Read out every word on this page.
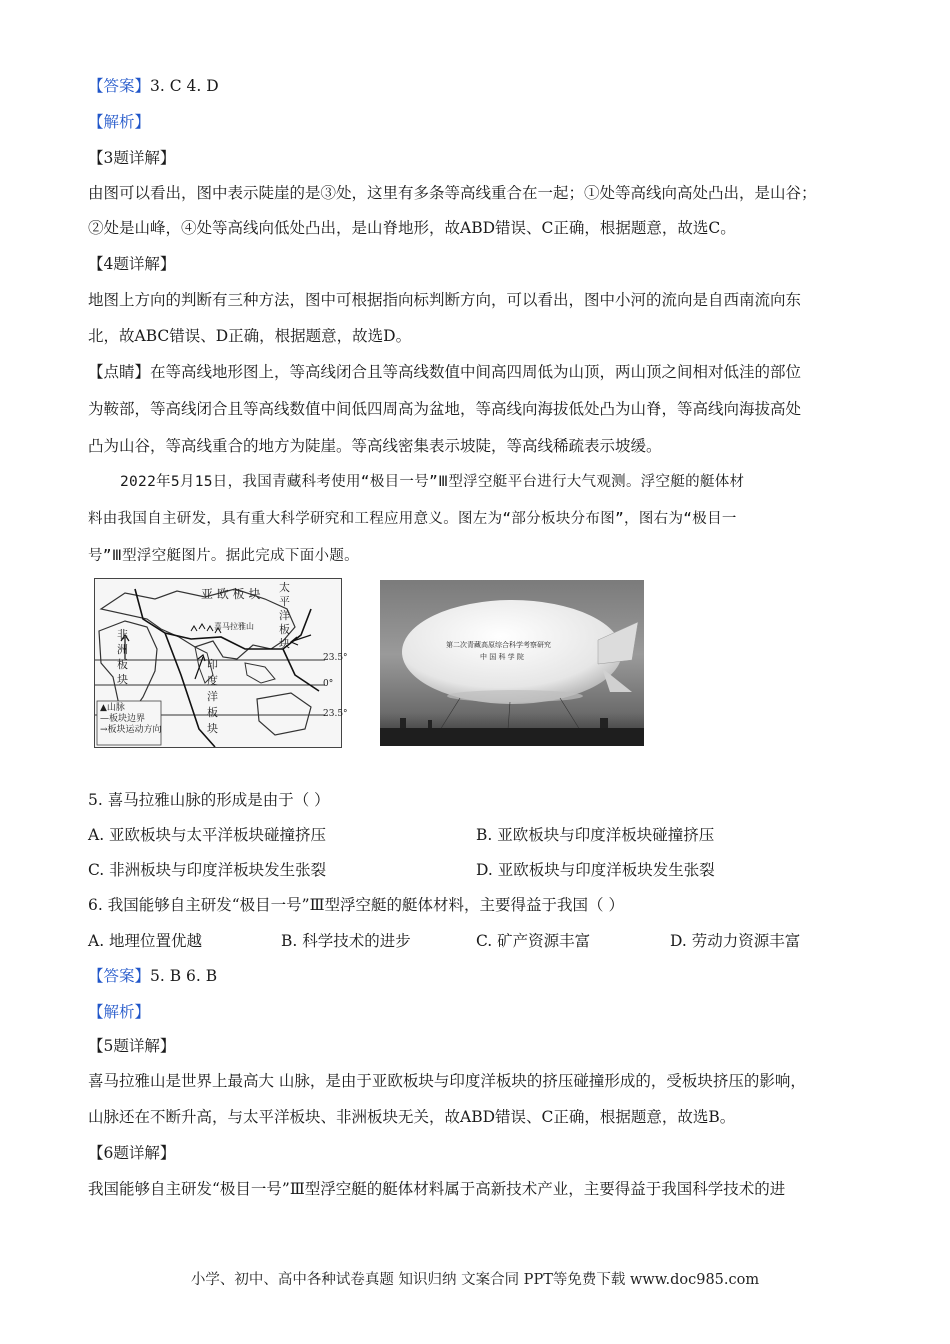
【答案】3. C 4. D
【解析】
【3题详解】
由图可以看出，图中表示陡崖的是③处，这里有多条等高线重合在一起；①处等高线向高处凸出，是山谷；
②处是山峰，④处等高线向低处凸出，是山脊地形，故ABD错误、C正确，根据题意，故选C。
【4题详解】
地图上方向的判断有三种方法，图中可根据指向标判断方向，可以看出，图中小河的流向是自西南流向东
北，故ABC错误、D正确，根据题意，故选D。
【点睛】在等高线地形图上，等高线闭合且等高线数值中间高四周低为山顶，两山顶之间相对低洼的部位
为鞍部，等高线闭合且等高线数值中间低四周高为盆地，等高线向海拔低处凸为山脊，等高线向海拔高处
凸为山谷，等高线重合的地方为陡崖。等高线密集表示坡陡，等高线稀疏表示坡缓。
2022年5月15日，我国青藏科考使用“极目一号”Ⅲ型浮空艇平台进行大气观测。浮空艇的艇体材
料由我国自主研发，具有重大科学研究和工程应用意义。图左为“部分板块分布图”，图右为“极目一
号”Ⅲ型浮空艇图片。据此完成下面小题。
亚 欧 板 块
喜马拉雅山
太
平
洋
板
块
非
洲
板
块
印
度
洋
板
块
23.5°
0°
23.5°
▲山脉
—板块边界
→板块运动方向
第二次青藏高原综合科学考察研究
中 国 科 学 院
5. 喜马拉雅山脉的形成是由于（ ）
A. 亚欧板块与太平洋板块碰撞挤压	B. 亚欧板块与印度洋板块碰撞挤压
C. 非洲板块与印度洋板块发生张裂	D. 亚欧板块与印度洋板块发生张裂
6. 我国能够自主研发“极目一号”Ⅲ型浮空艇的艇体材料，主要得益于我国（ ）
A. 地理位置优越	B. 科学技术的进步	C. 矿产资源丰富	D. 劳动力资源丰富
【答案】5. B 6. B
【解析】
【5题详解】
喜马拉雅山是世界上最高大 山脉，是由于亚欧板块与印度洋板块的挤压碰撞形成的，受板块挤压的影响，
山脉还在不断升高，与太平洋板块、非洲板块无关，故ABD错误、C正确，根据题意，故选B。
【6题详解】
我国能够自主研发“极目一号”Ⅲ型浮空艇的艇体材料属于高新技术产业，主要得益于我国科学技术的进
小学、初中、高中各种试卷真题 知识归纳 文案合同 PPT等免费下载 www.doc985.com
